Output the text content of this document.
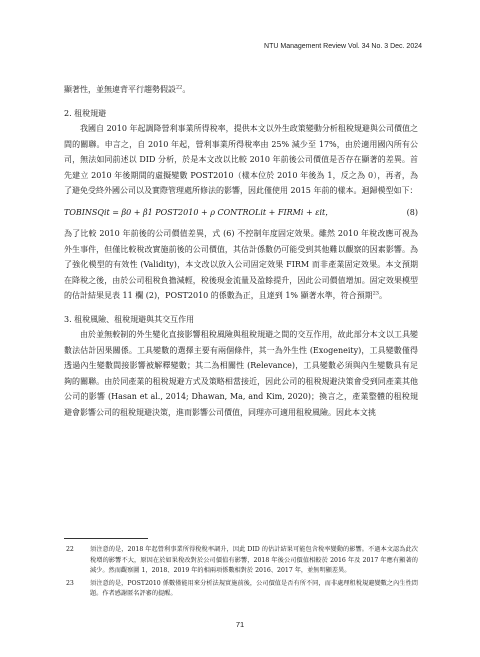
NTU Management Review Vol. 34 No. 3 Dec. 2024

顯著性，並無違背平行趨勢假設$^{22}$。

2. 租稅規避

我國自 2010 年起調降營利事業所得稅率，提供本文以外生政策變動分析租稅規避與公司價值之間的關聯。申言之，自 2010 年起，營利事業所得稅率由 25% 減少至 17%，由於適用國內所有公司，無法如同前述以 DID 分析，於是本文改以比較 2010 年前後公司價值是否存在顯著的差異。首先建立 2010 年後期間的虛擬變數 POST2010（樣本位於 2010 年後為 1，反之為 0），再者，為了避免受終外國公司以及實際管理處所修法的影響，因此僅使用 2015 年前的樣本。迴歸模型如下：

TOBINSQit = β0 + β1 POST2010 + ρ CONTROLit + FIRMi + εit，	(8)

為了比較 2010 年前後的公司價值差異，式 (6) 不控制年度固定效果。雖然 2010 年稅改應可視為外生事件，但僅比較稅改實施前後的公司價值，其估計係數仍可能受到其他難以觀察的因素影響。為了強化模型的有效性 (Validity)，本文改以放入公司固定效果 FIRM 而非產業固定效果。本文預期在降稅之後，由於公司租稅負擔減輕，稅後現金流量及盈餘提升，因此公司價值增加。固定效果模型的估計結果見表 11 欄 (2)，POST2010 的係數為正，且達到 1% 顯著水準，符合預期$^{23}$。

3. 租稅風險、租稅規避與其交互作用

由於並無較制的外生變化直接影響租稅風險與租稅規避之間的交互作用，故此部分本文以工具變數法估計因果關係。工具變數的選擇主要有兩個條件，其一為外生性 (Exogeneity)，工具變數僅得透過內生變數間接影響被解釋變數；其二為相關性 (Relevance)，工具變數必須與內生變數具有足夠的關聯。由於同產業的租稅規避方式及策略相當接近，因此公司的租稅規避決策會受到同產業其他公司的影響 (Hasan et al., 2014; Dhawan, Ma, and Kim, 2020)；換言之，產業整體的租稅規避會影響公司的租稅規避決策，進而影響公司價值，同理亦可適用租稅風險。因此本文挑

22	須注意的是，2018 年起營利事業所得稅稅率調升，因此 DID 的估計結果可能包含稅率變動的影響。不過本文認為此次稅增的影響不大，原因在於如果稅改對於公司價值有影響，2018 年後公司價值相較於 2016 年及 2017 年應有顯著的減少。然而觀察圖 1，2018、2019 年的相兩項係數相對於 2016、2017 年，並無明顯差異。
23	須注意的是，POST2010 係數僅能用來分析法規實施前後，公司價值是否有所不同，而非處理租稅規避變數之內生性問題。作者感謝匿名評審的提醒。
71
